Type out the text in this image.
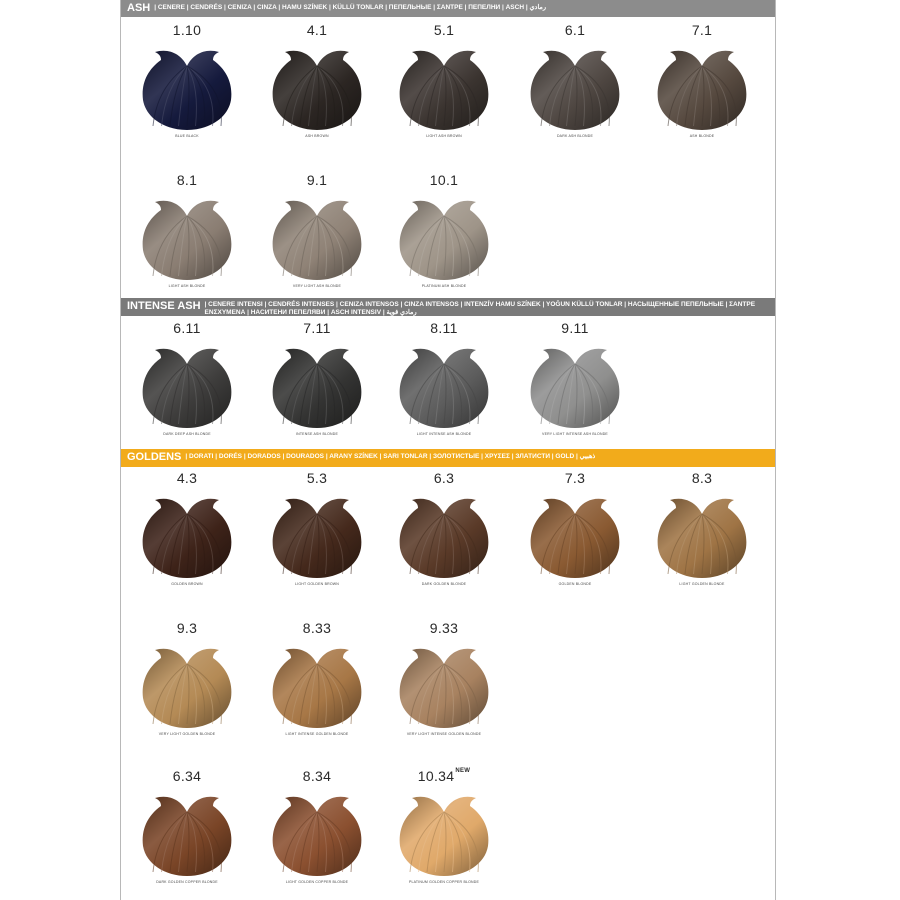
ASH | CENERE | CENDRÉS | CENIZA | CINZA | HAMU SZÍNEK | KÜLLÜ TONLAR | ПЕПЕЛЬНЫЕ | ΣΑΝΤΡΕ | ПЕПЕЛНИ | ASCH | رمادي
INTENSE ASH | CENERE INTENSI | CENDRÉS INTENSES | CENIZA INTENSOS | CINZA INTENSOS | INTENZÍV HAMU SZÍNEK | YOĞUN KÜLLÜ TONLAR | НАСЫЩЕННЫЕ ПЕПЕЛЬНЫЕ | ΣΑΝΤΡΕ ΕΝΣΧΥΜΕΝΑ | НАСИТЕНИ ПЕПЕЛЯВИ | ASCH INTENSIV | رمادي قوية
GOLDENS | DORATI | DORÉS | DORADOS | DOURADOS | ARANY SZÍNEK | SARI TONLAR | ЗОЛОТИСТЫЕ | ΧΡΥΣΕΣ | ЗЛАТИСТИ | GOLD | ذهبيي
1.10
BLUE BLACK
4.1
ASH BROWN
5.1
LIGHT ASH BROWN
6.1
DARK ASH BLONDE
7.1
ASH BLONDE
8.1
LIGHT ASH BLONDE
9.1
VERY LIGHT ASH BLONDE
10.1
PLATINUM ASH BLONDE
6.11
DARK DEEP ASH BLONDE
7.11
INTENSE ASH BLONDE
8.11
LIGHT INTENSE ASH BLONDE
9.11
VERY LIGHT INTENSE ASH BLONDE
4.3
GOLDEN BROWN
5.3
LIGHT GOLDEN BROWN
6.3
DARK GOLDEN BLONDE
7.3
GOLDEN BLONDE
8.3
LIGHT GOLDEN BLONDE
9.3
VERY LIGHT GOLDEN BLONDE
8.33
LIGHT INTENSE GOLDEN BLONDE
9.33
VERY LIGHT INTENSE GOLDEN BLONDE
6.34
DARK GOLDEN COPPER BLONDE
8.34
LIGHT GOLDEN COPPER BLONDE
$10.34^{NEW}$
PLATINUM GOLDEN COPPER BLONDE
